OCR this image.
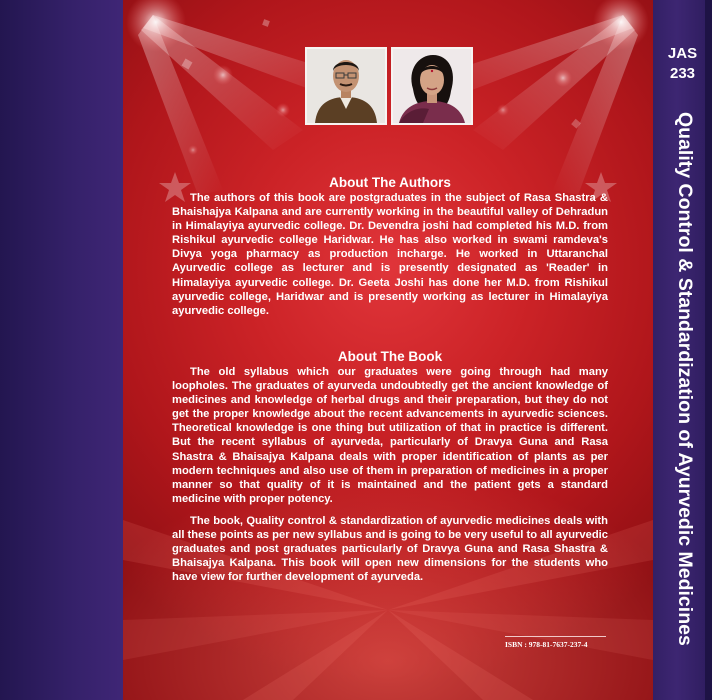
About The Authors
The authors of this book are postgraduates in the subject of Rasa Shastra & Bhaishajya Kalpana and are currently working in the beautiful valley of Dehradun in Himalayiya ayurvedic college. Dr. Devendra joshi had completed his M.D. from Rishikul ayurvedic college Haridwar. He has also worked in swami ramdeva's Divya yoga pharmacy as production incharge. He worked in Uttaranchal Ayurvedic college as lecturer and is presently designated as 'Reader' in Himalayiya ayurvedic college. Dr. Geeta Joshi has done her M.D. from Rishikul ayurvedic college, Haridwar and is presently working as lecturer in Himalayiya ayurvedic college.
About The Book
The old syllabus which our graduates were going through had many loopholes. The graduates of ayurveda undoubtedly get the ancient knowledge of medicines and knowledge of herbal drugs and their preparation, but they do not get the proper knowledge about the recent advancements in ayurvedic sciences. Theoretical knowledge is one thing but utilization of that in practice is different. But the recent syllabus of ayurveda, particularly of Dravya Guna and Rasa Shastra & Bhaisajya Kalpana deals with proper identification of plants as per modern techniques and also use of them in preparation of medicines in a proper manner so that quality of it is maintained and the patient gets a standard medicine with proper potency.
The book, Quality control & standardization of ayurvedic medicines deals with all these points as per new syllabus and is going to be very useful to all ayurvedic graduates and post graduates particularly of Dravya Guna and Rasa Shastra & Bhaisajya Kalpana. This book will open new dimensions for the students who have view for further development of ayurveda.
ISBN : 978-81-7637-237-4
JAS
233
Quality Control & Standardization of Ayurvedic Medicines
